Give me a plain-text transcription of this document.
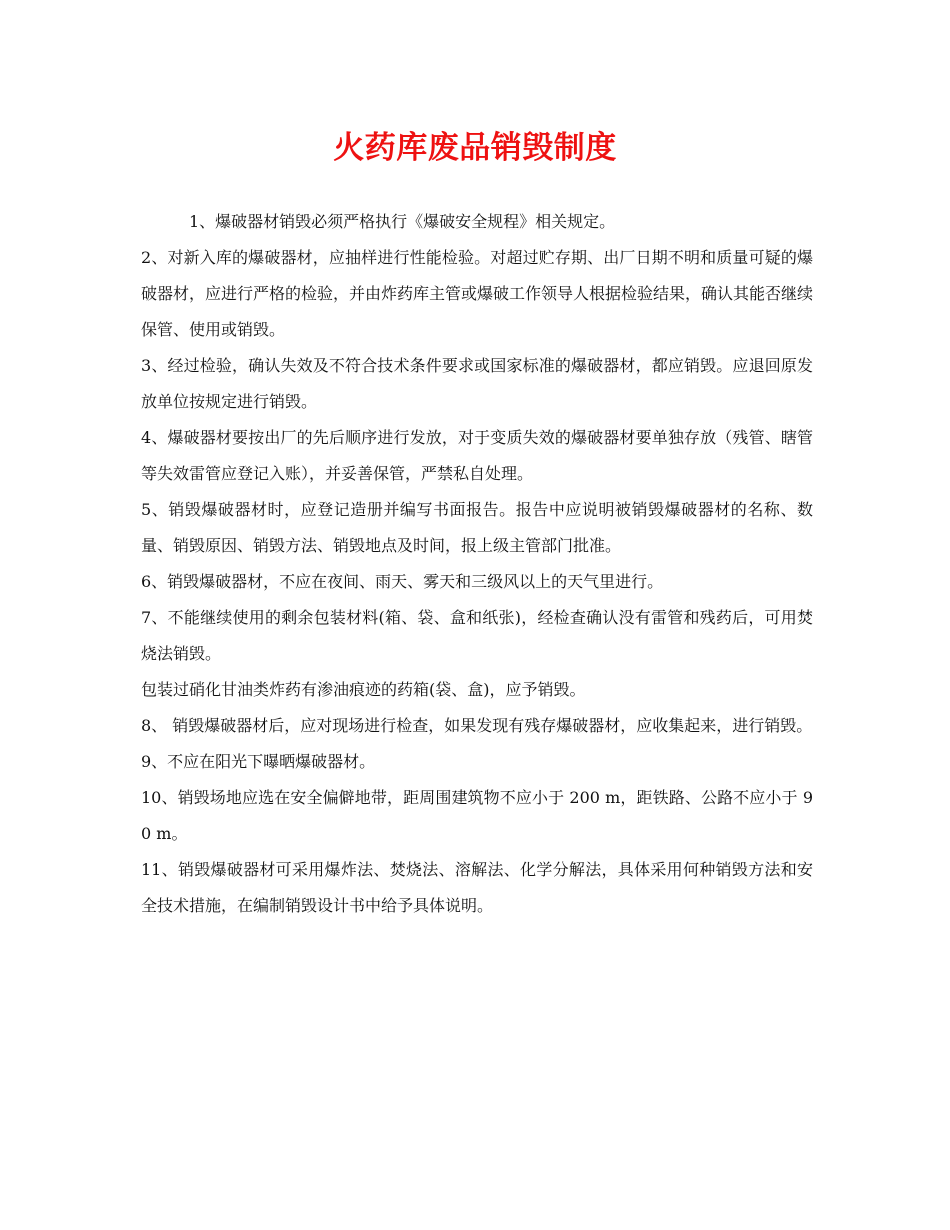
火药库废品销毁制度

1、爆破器材销毁必须严格执行《爆破安全规程》相关规定。

2、对新入库的爆破器材，应抽样进行性能检验。对超过贮存期、出厂日期不明和质量可疑的爆破器材，应进行严格的检验，并由炸药库主管或爆破工作领导人根据检验结果，确认其能否继续保管、使用或销毁。

3、经过检验，确认失效及不符合技术条件要求或国家标准的爆破器材，都应销毁。应退回原发放单位按规定进行销毁。

4、爆破器材要按出厂的先后顺序进行发放，对于变质失效的爆破器材要单独存放（残管、瞎管等失效雷管应登记入账），并妥善保管，严禁私自处理。

5、销毁爆破器材时，应登记造册并编写书面报告。报告中应说明被销毁爆破器材的名称、数量、销毁原因、销毁方法、销毁地点及时间，报上级主管部门批准。

6、销毁爆破器材，不应在夜间、雨天、雾天和三级风以上的天气里进行。

7、不能继续使用的剩余包装材料(箱、袋、盒和纸张)，经检查确认没有雷管和残药后，可用焚烧法销毁。

包装过硝化甘油类炸药有渗油痕迹的药箱(袋、盒)，应予销毁。

8、 销毁爆破器材后，应对现场进行检查，如果发现有残存爆破器材，应收集起来，进行销毁。

9、不应在阳光下曝晒爆破器材。

10、销毁场地应选在安全偏僻地带，距周围建筑物不应小于 200 m，距铁路、公路不应小于 90 m。

11、销毁爆破器材可采用爆炸法、焚烧法、溶解法、化学分解法，具体采用何种销毁方法和安全技术措施，在编制销毁设计书中给予具体说明。
